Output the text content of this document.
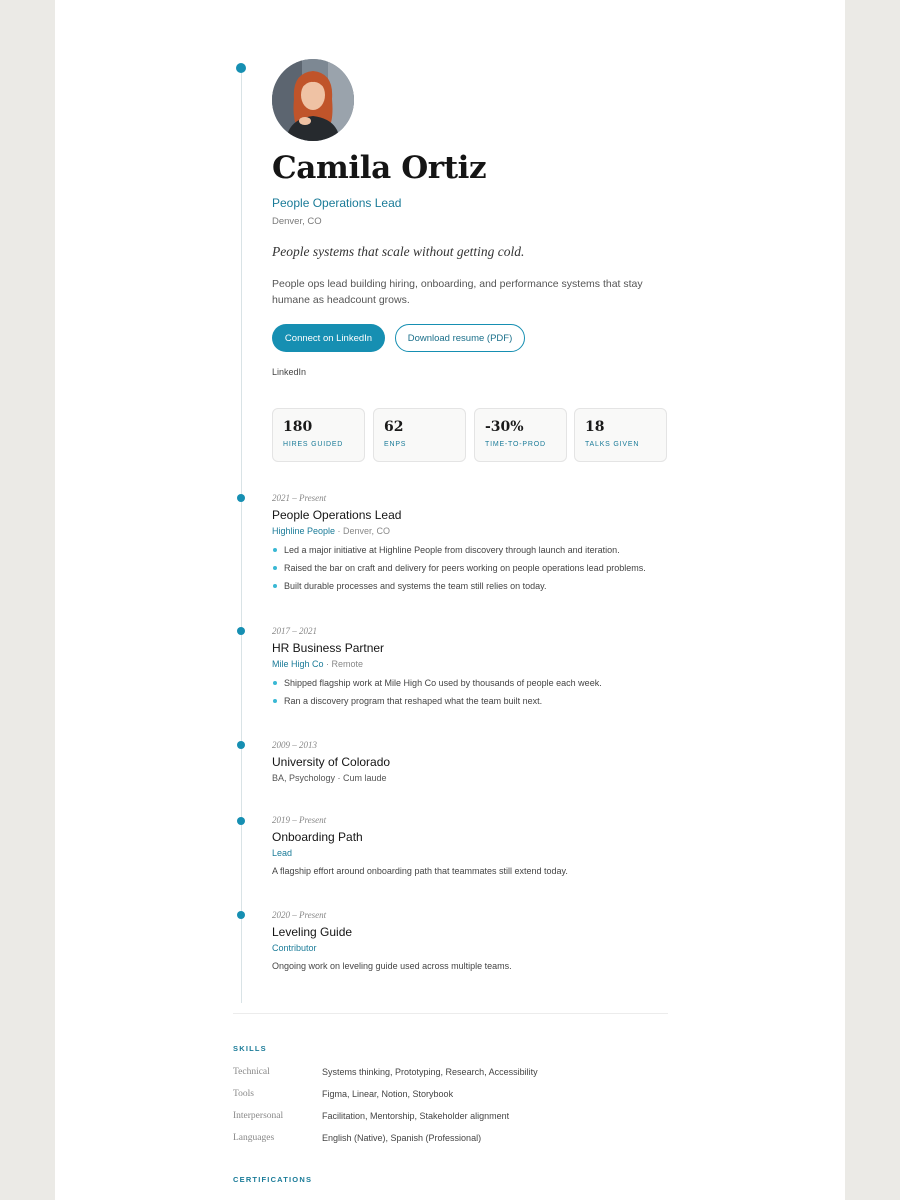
Camila Ortiz
People Operations Lead
Denver, CO
People systems that scale without getting cold.
People ops lead building hiring, onboarding, and performance systems that stay humane as headcount grows.
Connect on LinkedIn	Download resume (PDF)
LinkedIn
180
HIRES GUIDED
62
ENPS
-30%
TIME-TO-PROD
18
TALKS GIVEN
2021 – Present
People Operations Lead
Highline People · Denver, CO
Led a major initiative at Highline People from discovery through launch and iteration.
Raised the bar on craft and delivery for peers working on people operations lead problems.
Built durable processes and systems the team still relies on today.
2017 – 2021
HR Business Partner
Mile High Co · Remote
Shipped flagship work at Mile High Co used by thousands of people each week.
Ran a discovery program that reshaped what the team built next.
2009 – 2013
University of Colorado
BA, Psychology · Cum laude
2019 – Present
Onboarding Path
Lead
A flagship effort around onboarding path that teammates still extend today.
2020 – Present
Leveling Guide
Contributor
Ongoing work on leveling guide used across multiple teams.
SKILLS
Technical	Systems thinking, Prototyping, Research, Accessibility
Tools	Figma, Linear, Notion, Storybook
Interpersonal	Facilitation, Mentorship, Stakeholder alignment
Languages	English (Native), Spanish (Professional)
CERTIFICATIONS
